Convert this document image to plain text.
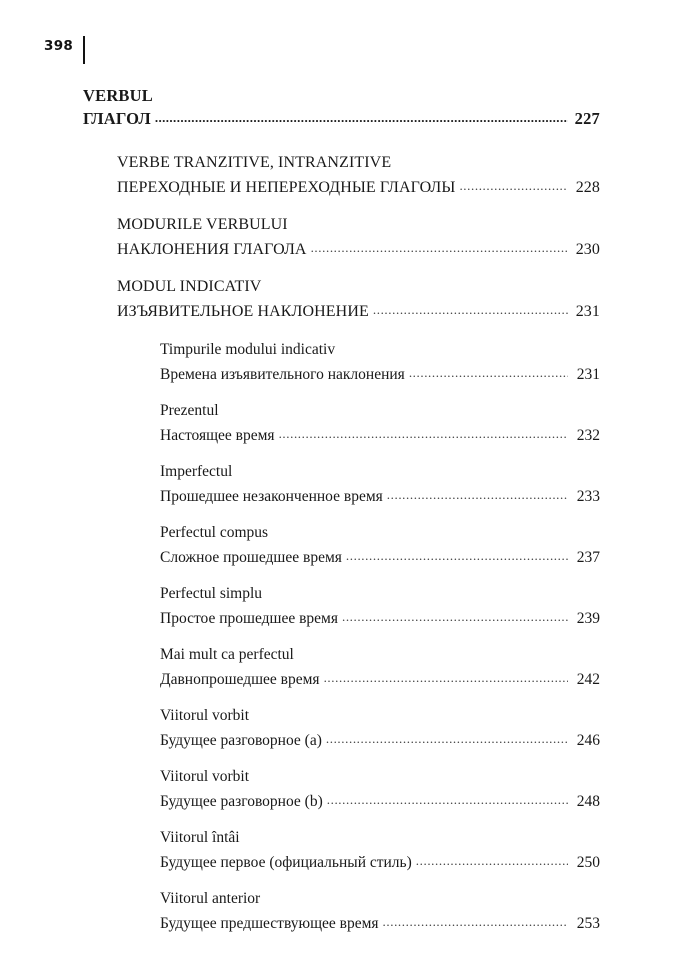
398
VERBUL
ГЛАГОЛ .....	227
VERBE TRANZITIVE, INTRANZITIVE
ПЕРЕХОДНЫЕ И НЕПЕРЕХОДНЫЕ ГЛАГОЛЫ .....	228
MODURILE VERBULUI
НАКЛОНЕНИЯ ГЛАГОЛА .....	230
MODUL INDICATIV
ИЗЪЯВИТЕЛЬНОЕ НАКЛОНЕНИЕ .....	231
Timpurile modului indicativ
Времена изъявительного наклонения .....	231
Prezentul
Настоящее время .....	232
Imperfectul
Прошедшее незаконченное время .....	233
Perfectul compus
Сложное прошедшее время .....	237
Perfectul simplu
Простое прошедшее время .....	239
Mai mult ca perfectul
Давнопрошедшее время .....	242
Viitorul vorbit
Будущее разговорное (a) .....	246
Viitorul vorbit
Будущее разговорное (b) .....	248
Viitorul întâi
Будущее первое (официальный стиль) .....	250
Viitorul anterior
Будущее предшествующее время .....	253
